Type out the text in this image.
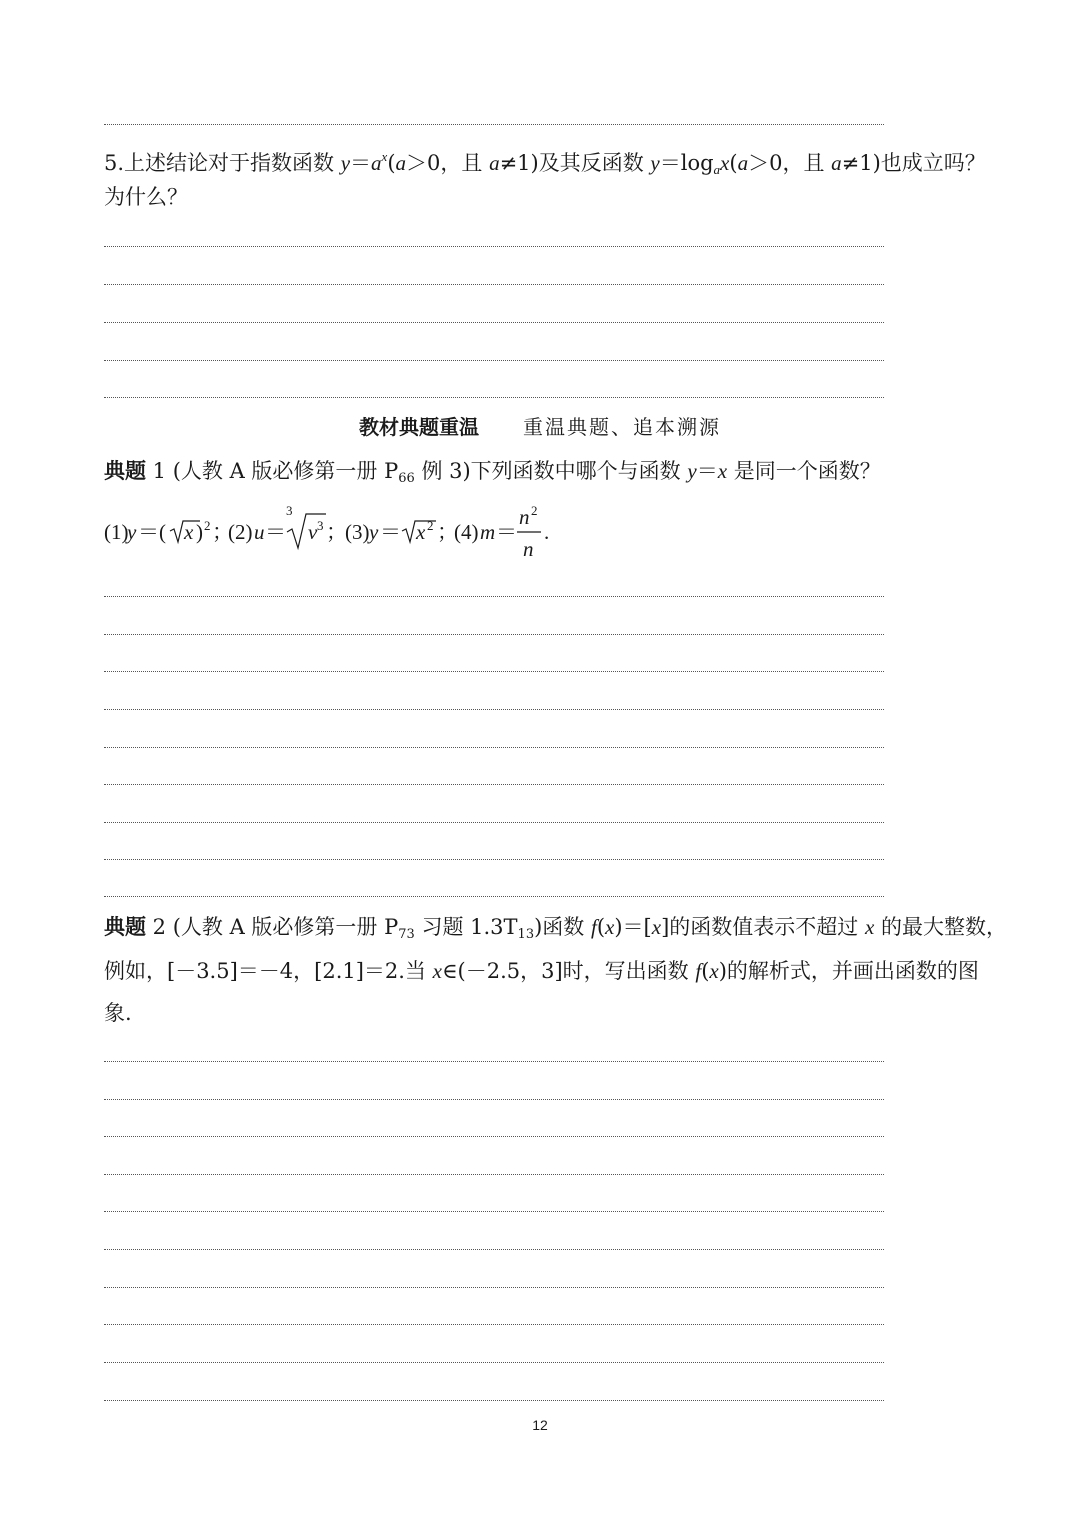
5.上述结论对于指数函数 $y=a^x(a>0$，且 a≠1)及其反函数 $y=\log_ax(a>0$，且 a≠1)也成立吗？
为什么？
教材典题重温 重温典题、追本溯源
典题 1 (人教 A 版必修第一册 $P_{66}$ 例 3)下列函数中哪个与函数 y＝x 是同一个函数？
(1)
y ＝( x ) 2 ；
(2) u ＝
3
v 3 ；
(3) y ＝ x 2 ；
(4) m ＝
n 2
n
.
典题 2 (人教 A 版必修第一册 $P_{73}$ 习题 $1.3T_{13}$)函数 f(x)＝[x]的函数值表示不超过 x 的最大整数，
例如，[－3.5]＝－4，[2.1]＝2.当 x∈(－2.5，3]时，写出函数 f(x)的解析式，并画出函数的图
象.
12
